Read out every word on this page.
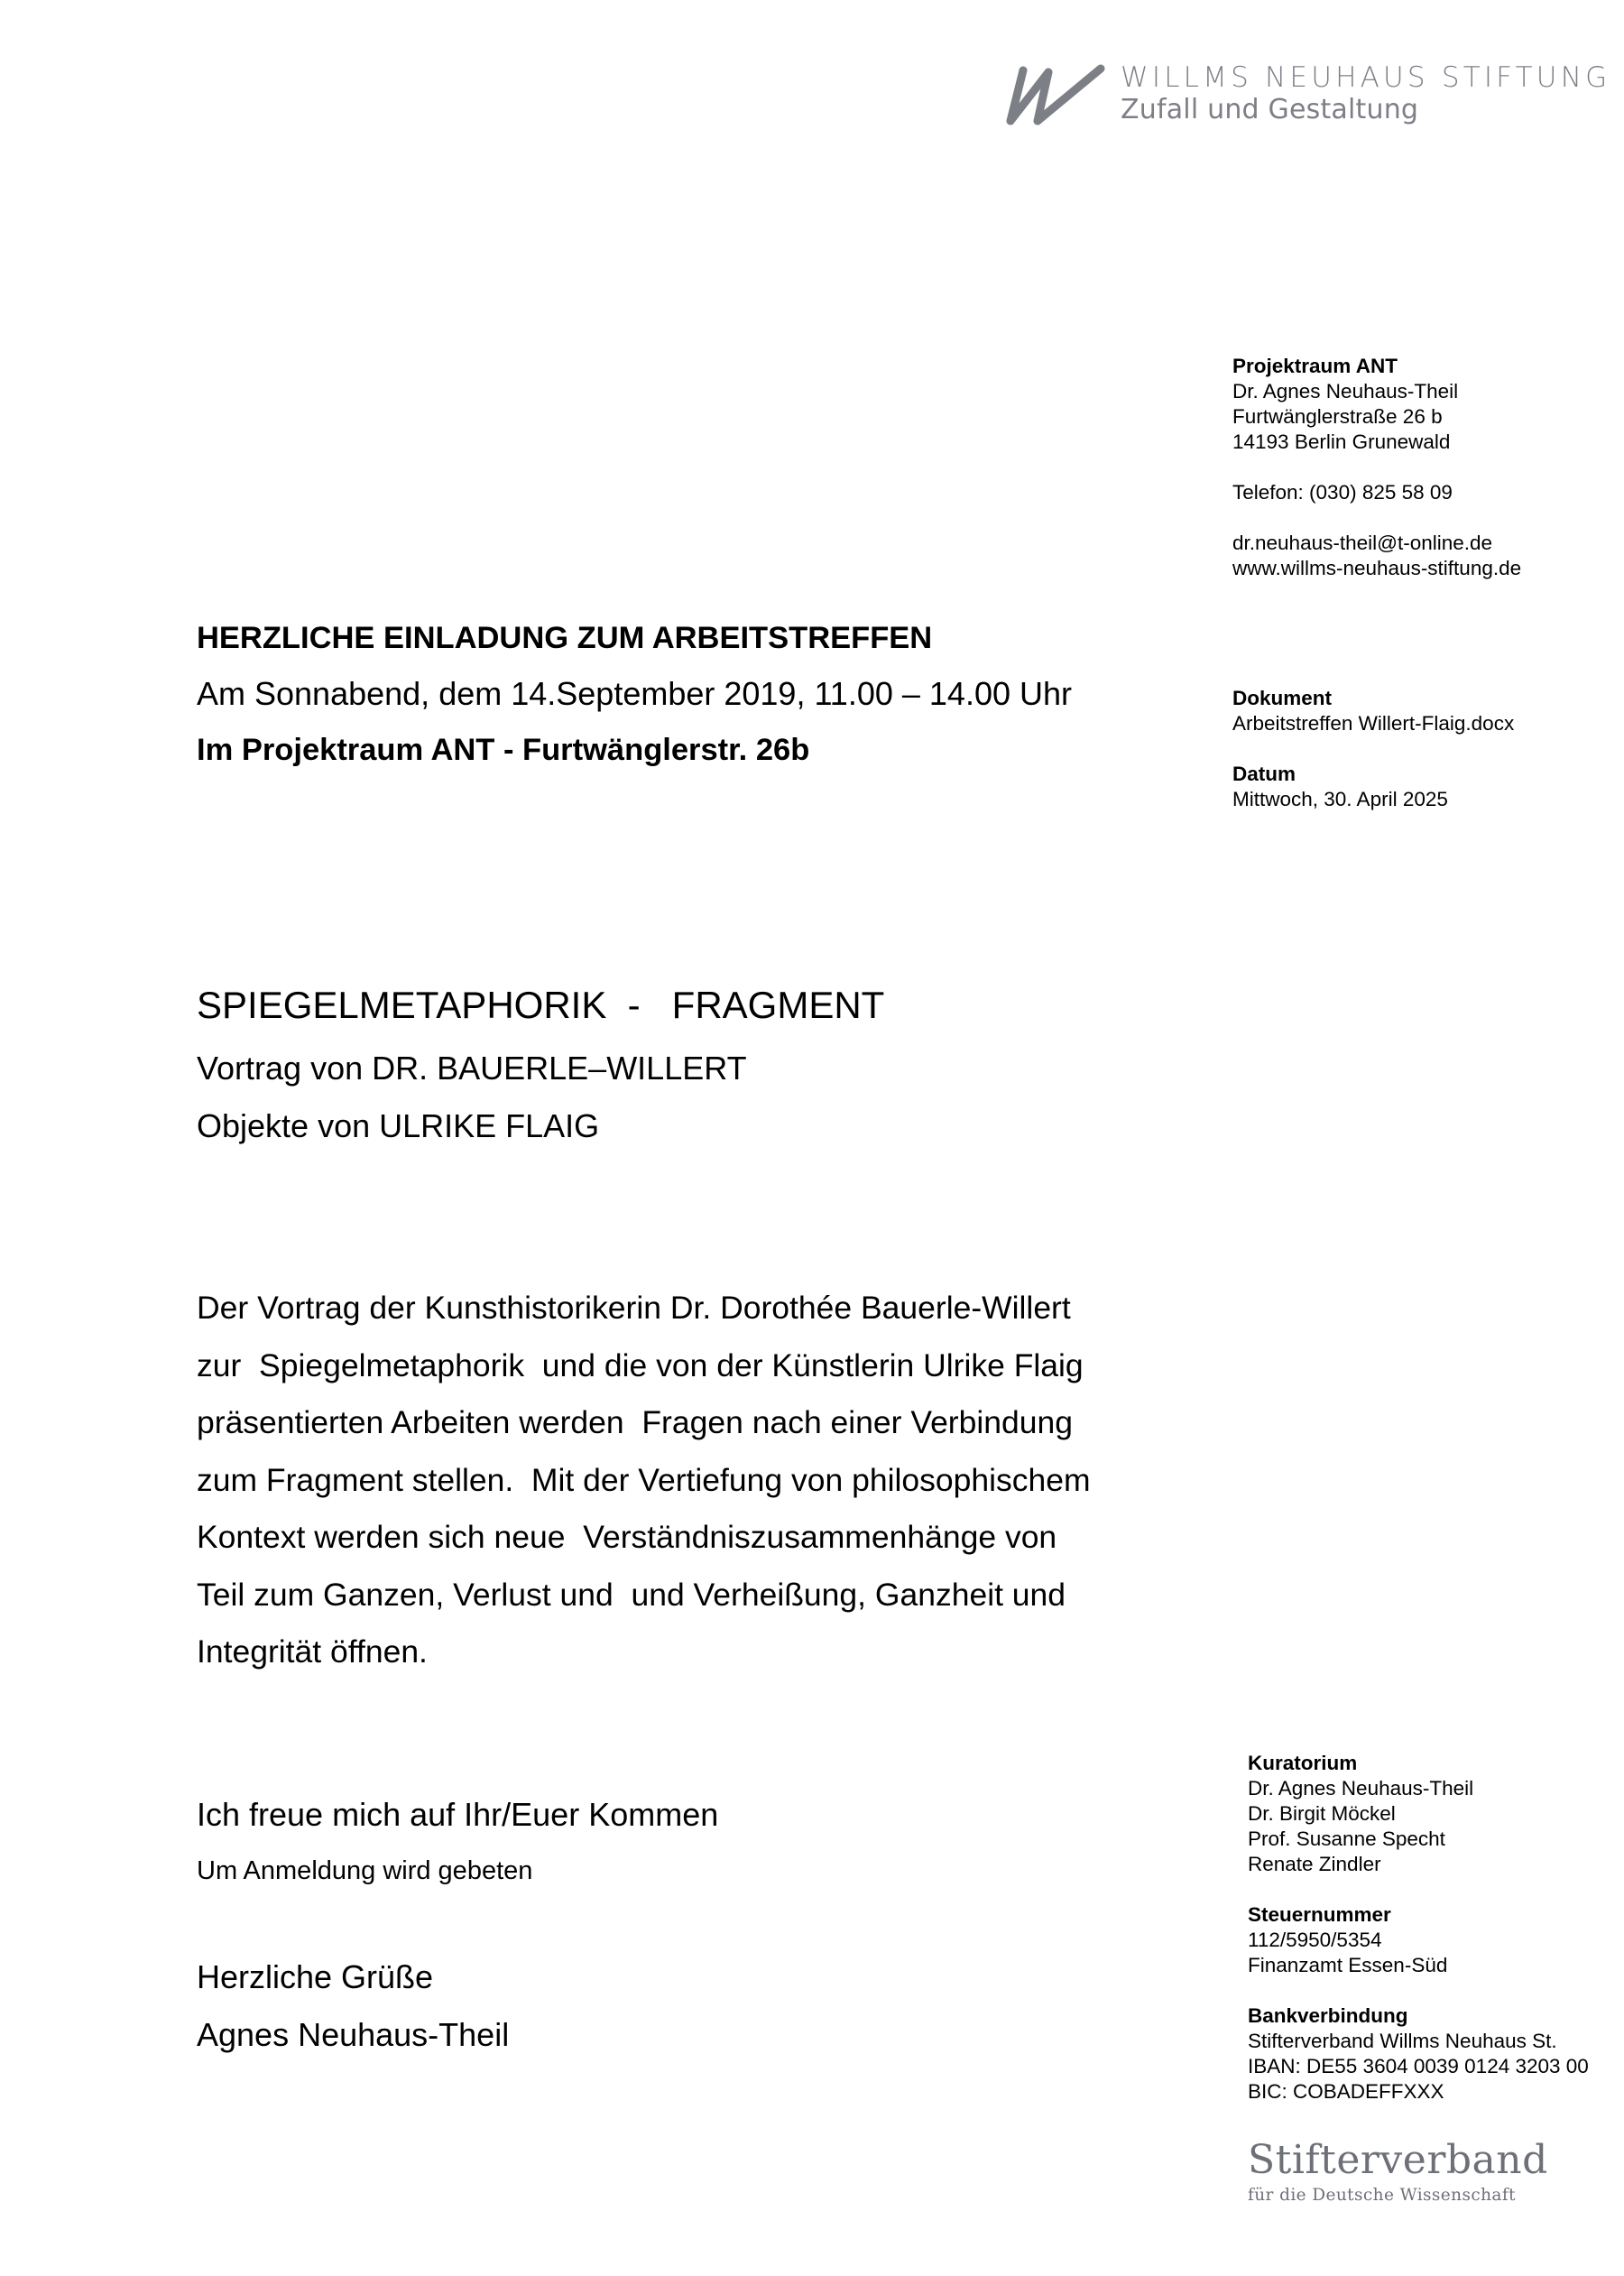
WILLMS NEUHAUS STIFTUNG
Zufall und Gestaltung
Projektraum ANT
Dr. Agnes Neuhaus-Theil
Furtwänglerstraße 26 b
14193 Berlin Grunewald
Telefon: (030) 825 58 09
dr.neuhaus-theil@t-online.de
www.willms-neuhaus-stiftung.de
Dokument
Arbeitstreffen Willert-Flaig.docx
Datum
Mittwoch, 30. April 2025
HERZLICHE EINLADUNG ZUM ARBEITSTREFFEN
Am Sonnabend, dem 14.September 2019, 11.00 – 14.00 Uhr
Im Projektraum ANT - Furtwänglerstr. 26b
SPIEGELMETAPHORIK  -   FRAGMENT
Vortrag von DR. BAUERLE–WILLERT
Objekte von ULRIKE FLAIG
Der Vortrag der Kunsthistorikerin Dr. Dorothée Bauerle-Willert
zur  Spiegelmetaphorik  und die von der Künstlerin Ulrike Flaig
präsentierten Arbeiten werden  Fragen nach einer Verbindung
zum Fragment stellen.  Mit der Vertiefung von philosophischem
Kontext werden sich neue  Verständniszusammenhänge von
Teil zum Ganzen, Verlust und  und Verheißung, Ganzheit und
Integrität öffnen.
Ich freue mich auf Ihr/Euer Kommen
Um Anmeldung wird gebeten
Herzliche Grüße
Agnes Neuhaus-Theil
Kuratorium
Dr. Agnes Neuhaus-Theil
Dr. Birgit Möckel
Prof. Susanne Specht
Renate Zindler
Steuernummer
112/5950/5354
Finanzamt Essen-Süd
Bankverbindung
Stifterverband Willms Neuhaus St.
IBAN: DE55 3604 0039 0124 3203 00
BIC: COBADEFFXXX
Stifterverband
für die Deutsche Wissenschaft
